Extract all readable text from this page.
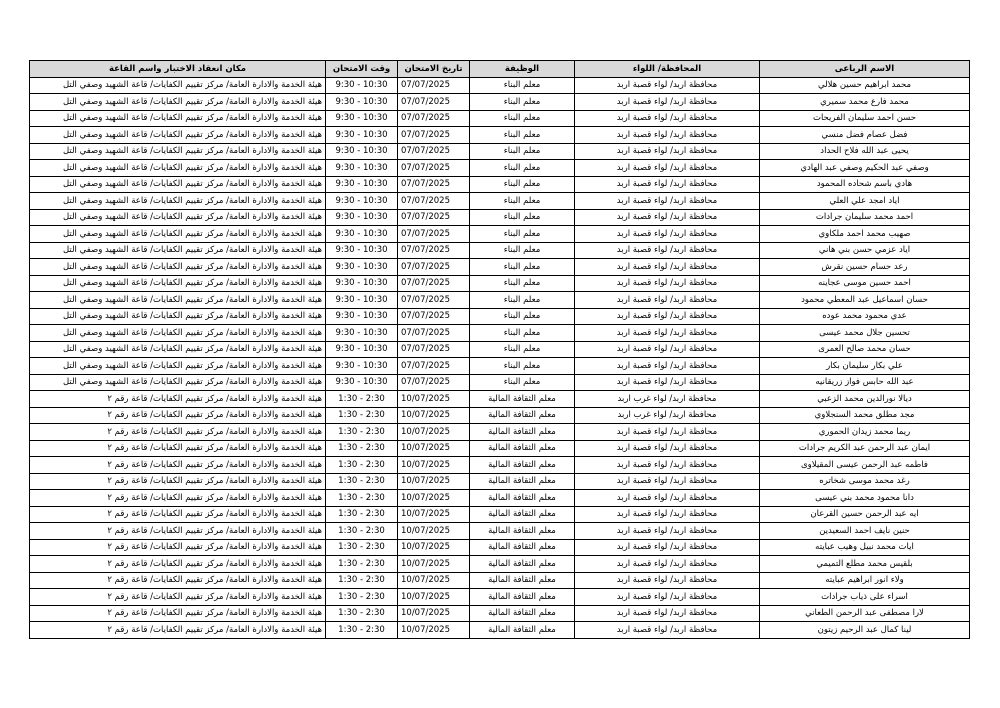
الاسم الرباعى	المحافظة/ اللواء	الوظيفة	تاريخ الامتحان	وقت الامتحان	مكان انعقاد الاختبار واسم القاعة
محمد ابراهيم حسين هلالي	محافظة اربد/ لواء قصبة اربد	معلم البناء	07/07/2025	9:30 - 10:30	هيئة الخدمة والادارة العامة/ مركز تقييم الكفايات/ قاعة الشهيد وصفي التل
محمد فارع محمد سميري	محافظة اربد/ لواء قصبة اربد	معلم البناء	07/07/2025	9:30 - 10:30	هيئة الخدمة والادارة العامة/ مركز تقييم الكفايات/ قاعة الشهيد وصفي التل
حسن احمد سليمان الفريحات	محافظة اربد/ لواء قصبة اربد	معلم البناء	07/07/2025	9:30 - 10:30	هيئة الخدمة والادارة العامة/ مركز تقييم الكفايات/ قاعة الشهيد وصفي التل
فضل عصام فضل منسي	محافظة اربد/ لواء قصبة اربد	معلم البناء	07/07/2025	9:30 - 10:30	هيئة الخدمة والادارة العامة/ مركز تقييم الكفايات/ قاعة الشهيد وصفي التل
يحيى عبد الله فلاح الحداد	محافظة اربد/ لواء قصبة اربد	معلم البناء	07/07/2025	9:30 - 10:30	هيئة الخدمة والادارة العامة/ مركز تقييم الكفايات/ قاعة الشهيد وصفي التل
وصفي عبد الحكيم وصفي عبد الهادي	محافظة اربد/ لواء قصبة اربد	معلم البناء	07/07/2025	9:30 - 10:30	هيئة الخدمة والادارة العامة/ مركز تقييم الكفايات/ قاعة الشهيد وصفي التل
هادي باسم شحاده المحمود	محافظة اربد/ لواء قصبة اربد	معلم البناء	07/07/2025	9:30 - 10:30	هيئة الخدمة والادارة العامة/ مركز تقييم الكفايات/ قاعة الشهيد وصفي التل
اياد امجد علي العلي	محافظة اربد/ لواء قصبة اربد	معلم البناء	07/07/2025	9:30 - 10:30	هيئة الخدمة والادارة العامة/ مركز تقييم الكفايات/ قاعة الشهيد وصفي التل
احمد محمد سليمان جرادات	محافظة اربد/ لواء قصبة اربد	معلم البناء	07/07/2025	9:30 - 10:30	هيئة الخدمة والادارة العامة/ مركز تقييم الكفايات/ قاعة الشهيد وصفي التل
صهيب محمد احمد ملكاوي	محافظة اربد/ لواء قصبة اربد	معلم البناء	07/07/2025	9:30 - 10:30	هيئة الخدمة والادارة العامة/ مركز تقييم الكفايات/ قاعة الشهيد وصفي التل
اياد عزمي حسن بني هاني	محافظة اربد/ لواء قصبة اربد	معلم البناء	07/07/2025	9:30 - 10:30	هيئة الخدمة والادارة العامة/ مركز تقييم الكفايات/ قاعة الشهيد وصفي التل
رعد حسام حسين نقرش	محافظة اربد/ لواء قصبة اربد	معلم البناء	07/07/2025	9:30 - 10:30	هيئة الخدمة والادارة العامة/ مركز تقييم الكفايات/ قاعة الشهيد وصفي التل
احمد حسين موسى عجاينه	محافظة اربد/ لواء قصبة اربد	معلم البناء	07/07/2025	9:30 - 10:30	هيئة الخدمة والادارة العامة/ مركز تقييم الكفايات/ قاعة الشهيد وصفي التل
حسان اسماعيل عبد المعطي محمود	محافظة اربد/ لواء قصبة اربد	معلم البناء	07/07/2025	9:30 - 10:30	هيئة الخدمة والادارة العامة/ مركز تقييم الكفايات/ قاعة الشهيد وصفي التل
عدي محمود محمد عوده	محافظة اربد/ لواء قصبة اربد	معلم البناء	07/07/2025	9:30 - 10:30	هيئة الخدمة والادارة العامة/ مركز تقييم الكفايات/ قاعة الشهيد وصفي التل
تحسين جلال محمد عيسى	محافظة اربد/ لواء قصبة اربد	معلم البناء	07/07/2025	9:30 - 10:30	هيئة الخدمة والادارة العامة/ مركز تقييم الكفايات/ قاعة الشهيد وصفي التل
حسان محمد صالح العمرى	محافظة اربد/ لواء قصبة اربد	معلم البناء	07/07/2025	9:30 - 10:30	هيئة الخدمة والادارة العامة/ مركز تقييم الكفايات/ قاعة الشهيد وصفي التل
علي بكار سليمان بكار	محافظة اربد/ لواء قصبة اربد	معلم البناء	07/07/2025	9:30 - 10:30	هيئة الخدمة والادارة العامة/ مركز تقييم الكفايات/ قاعة الشهيد وصفي التل
عبد الله حابس فواز زريقانيه	محافظة اربد/ لواء قصبة اربد	معلم البناء	07/07/2025	9:30 - 10:30	هيئة الخدمة والادارة العامة/ مركز تقييم الكفايات/ قاعة الشهيد وصفي التل
ديالا نورالدين محمد الزعبي	محافظة اربد/ لواء غرب اربد	معلم الثقافة المالية	10/07/2025	1:30 - 2:30	هيئة الخدمة والادارة العامة/ مركز تقييم الكفايات/ قاعة رقم ٢
مجد مطلق محمد السنجلاوي	محافظة اربد/ لواء غرب اربد	معلم الثقافة المالية	10/07/2025	1:30 - 2:30	هيئة الخدمة والادارة العامة/ مركز تقييم الكفايات/ قاعة رقم ٢
ريما محمد زيدان الحموري	محافظة اربد/ لواء قصبة اربد	معلم الثقافة المالية	10/07/2025	1:30 - 2:30	هيئة الخدمة والادارة العامة/ مركز تقييم الكفايات/ قاعة رقم ٢
ايمان عبد الرحمن عبد الكريم جرادات	محافظة اربد/ لواء قصبة اربد	معلم الثقافة المالية	10/07/2025	1:30 - 2:30	هيئة الخدمة والادارة العامة/ مركز تقييم الكفايات/ قاعة رقم ٢
فاطمه عبد الرحمن عيسى المقيلاوى	محافظة اربد/ لواء قصبة اربد	معلم الثقافة المالية	10/07/2025	1:30 - 2:30	هيئة الخدمة والادارة العامة/ مركز تقييم الكفايات/ قاعة رقم ٢
رغد محمد موسى شخاتره	محافظة اربد/ لواء قصبة اربد	معلم الثقافة المالية	10/07/2025	1:30 - 2:30	هيئة الخدمة والادارة العامة/ مركز تقييم الكفايات/ قاعة رقم ٢
دانا محمود محمد بني عيسى	محافظة اربد/ لواء قصبة اربد	معلم الثقافة المالية	10/07/2025	1:30 - 2:30	هيئة الخدمة والادارة العامة/ مركز تقييم الكفايات/ قاعة رقم ٢
ايه عبد الرحمن حسين القرعان	محافظة اربد/ لواء قصبة اربد	معلم الثقافة المالية	10/07/2025	1:30 - 2:30	هيئة الخدمة والادارة العامة/ مركز تقييم الكفايات/ قاعة رقم ٢
حنين نايف احمد السعيدين	محافظة اربد/ لواء قصبة اربد	معلم الثقافة المالية	10/07/2025	1:30 - 2:30	هيئة الخدمة والادارة العامة/ مركز تقييم الكفايات/ قاعة رقم ٢
ايات محمد نبيل وهيب عبايته	محافظة اربد/ لواء قصبة اربد	معلم الثقافة المالية	10/07/2025	1:30 - 2:30	هيئة الخدمة والادارة العامة/ مركز تقييم الكفايات/ قاعة رقم ٢
بلقيس محمد مطلع التميمي	محافظة اربد/ لواء قصبة اربد	معلم الثقافة المالية	10/07/2025	1:30 - 2:30	هيئة الخدمة والادارة العامة/ مركز تقييم الكفايات/ قاعة رقم ٢
ولاء انور ابراهيم عبايته	محافظة اربد/ لواء قصبة اربد	معلم الثقافة المالية	10/07/2025	1:30 - 2:30	هيئة الخدمة والادارة العامة/ مركز تقييم الكفايات/ قاعة رقم ٢
اسراء على ذياب جرادات	محافظة اربد/ لواء قصبة اربد	معلم الثقافة المالية	10/07/2025	1:30 - 2:30	هيئة الخدمة والادارة العامة/ مركز تقييم الكفايات/ قاعة رقم ٢
لارا مصطفى عبد الرحمن الطعاني	محافظة اربد/ لواء قصبة اربد	معلم الثقافة المالية	10/07/2025	1:30 - 2:30	هيئة الخدمة والادارة العامة/ مركز تقييم الكفايات/ قاعة رقم ٢
لينا كمال عبد الرحيم زيتون	محافظة اربد/ لواء قصبة اربد	معلم الثقافة المالية	10/07/2025	1:30 - 2:30	هيئة الخدمة والادارة العامة/ مركز تقييم الكفايات/ قاعة رقم ٢
